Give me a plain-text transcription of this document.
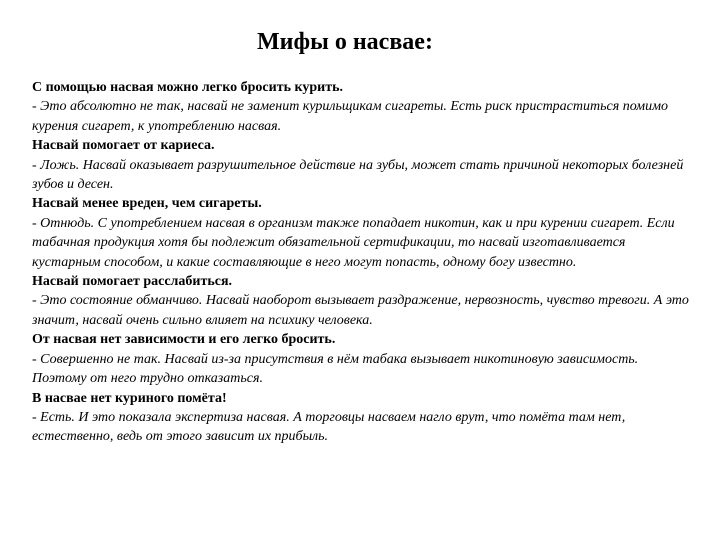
Мифы о насвае:

С помощью насвая можно легко бросить курить.

- Это абсолютно не так, насвай не заменит курильщикам сигареты. Есть риск пристраститься помимо курения сигарет, к употреблению насвая.

Насвай помогает от кариеса.

- Ложь. Насвай оказывает разрушительное действие на зубы, может стать причиной некоторых болезней зубов и десен.

Насвай менее вреден, чем сигареты.

- Отнюдь. С употреблением насвая в организм также попадает никотин, как и при курении сигарет. Если табачная продукция хотя бы подлежит обязательной сертификации, то насвай изготавливается кустарным способом, и какие составляющие в него могут попасть, одному богу известно.

Насвай помогает расслабиться.

- Это состояние обманчиво. Насвай наоборот вызывает раздражение, нервозность, чувство тревоги. А это значит, насвай очень сильно влияет на психику человека.

От насвая нет зависимости и его легко бросить.

- Совершенно не так. Насвай из-за присутствия в нём табака вызывает никотиновую зависимость. Поэтому от него трудно отказаться.

В насвае нет куриного помёта!

- Есть. И это показала экспертиза насвая. А торговцы насваем нагло врут, что помёта там нет, естественно, ведь от этого зависит их прибыль.
